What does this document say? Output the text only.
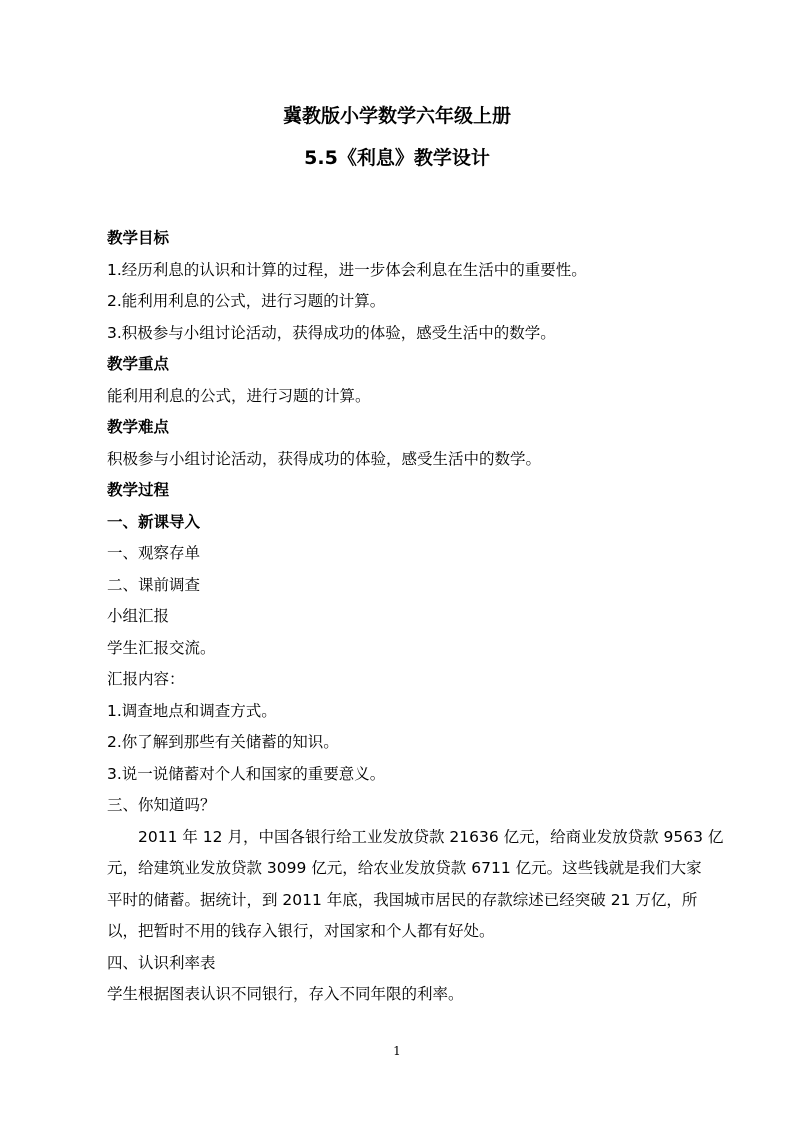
冀教版小学数学六年级上册
5.5《利息》教学设计
教学目标
1.经历利息的认识和计算的过程，进一步体会利息在生活中的重要性。
2.能利用利息的公式，进行习题的计算。
3.积极参与小组讨论活动，获得成功的体验，感受生活中的数学。
教学重点
能利用利息的公式，进行习题的计算。
教学难点
积极参与小组讨论活动，获得成功的体验，感受生活中的数学。
教学过程
一、新课导入
一、观察存单
二、课前调查
小组汇报
学生汇报交流。
汇报内容：
1.调查地点和调查方式。
2.你了解到那些有关储蓄的知识。
3.说一说储蓄对个人和国家的重要意义。
三、你知道吗？
2011 年 12 月，中国各银行给工业发放贷款 21636 亿元，给商业发放贷款 9563 亿
元，给建筑业发放贷款 3099 亿元，给农业发放贷款 6711 亿元。这些钱就是我们大家
平时的储蓄。据统计，到 2011 年底，我国城市居民的存款综述已经突破 21 万亿，所
以，把暂时不用的钱存入银行，对国家和个人都有好处。
四、认识利率表
学生根据图表认识不同银行，存入不同年限的利率。
1
